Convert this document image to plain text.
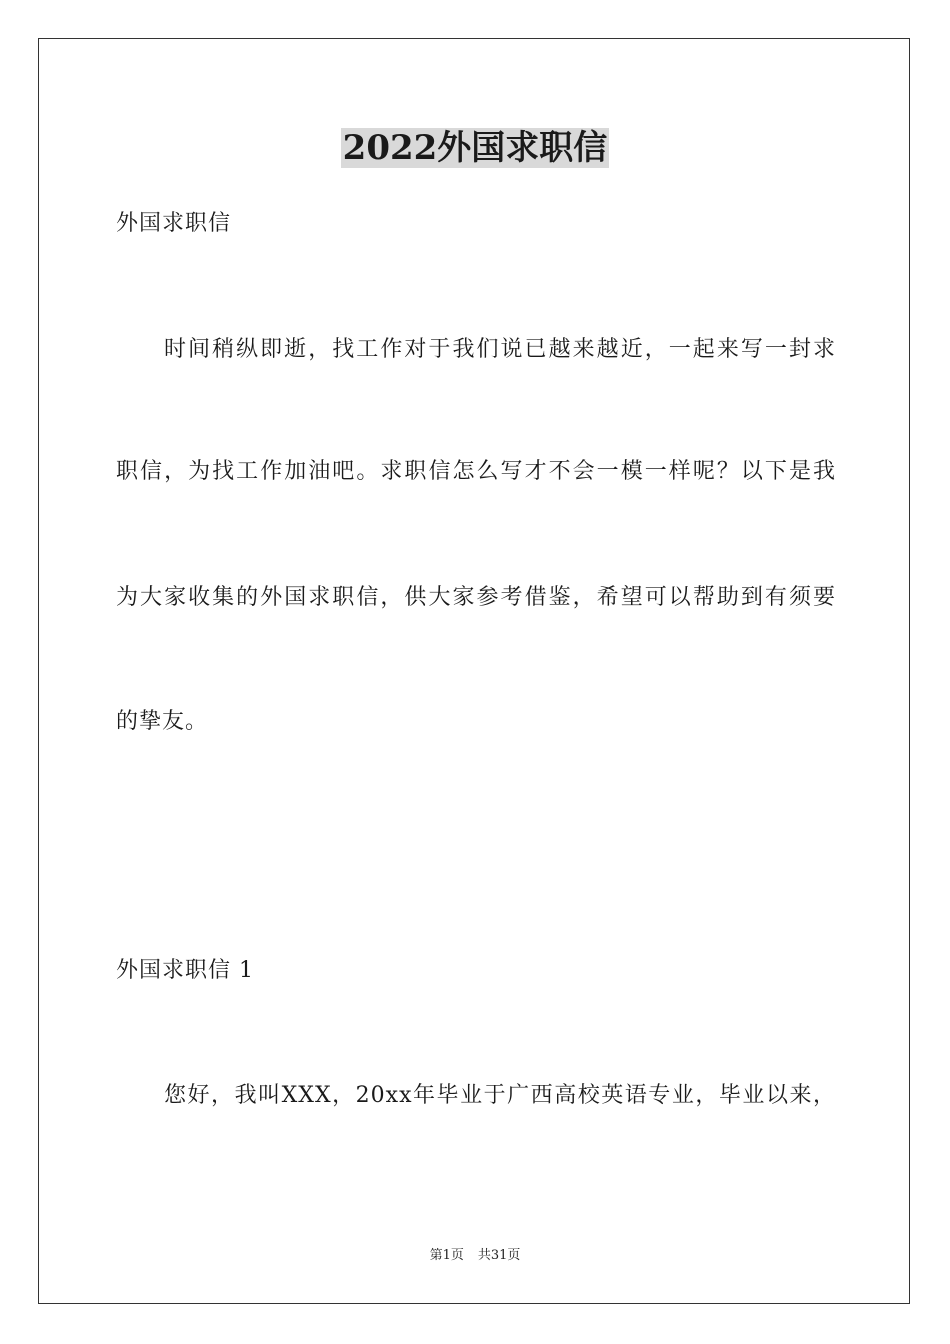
2022外国求职信
外国求职信
时间稍纵即逝，找工作对于我们说已越来越近，一起来写一封求
职信，为找工作加油吧。求职信怎么写才不会一模一样呢？以下是我
为大家收集的外国求职信，供大家参考借鉴，希望可以帮助到有须要
的挚友。
外国求职信 1
您好，我叫XXX，20xx年毕业于广西高校英语专业，毕业以来，
第1页 共31页
